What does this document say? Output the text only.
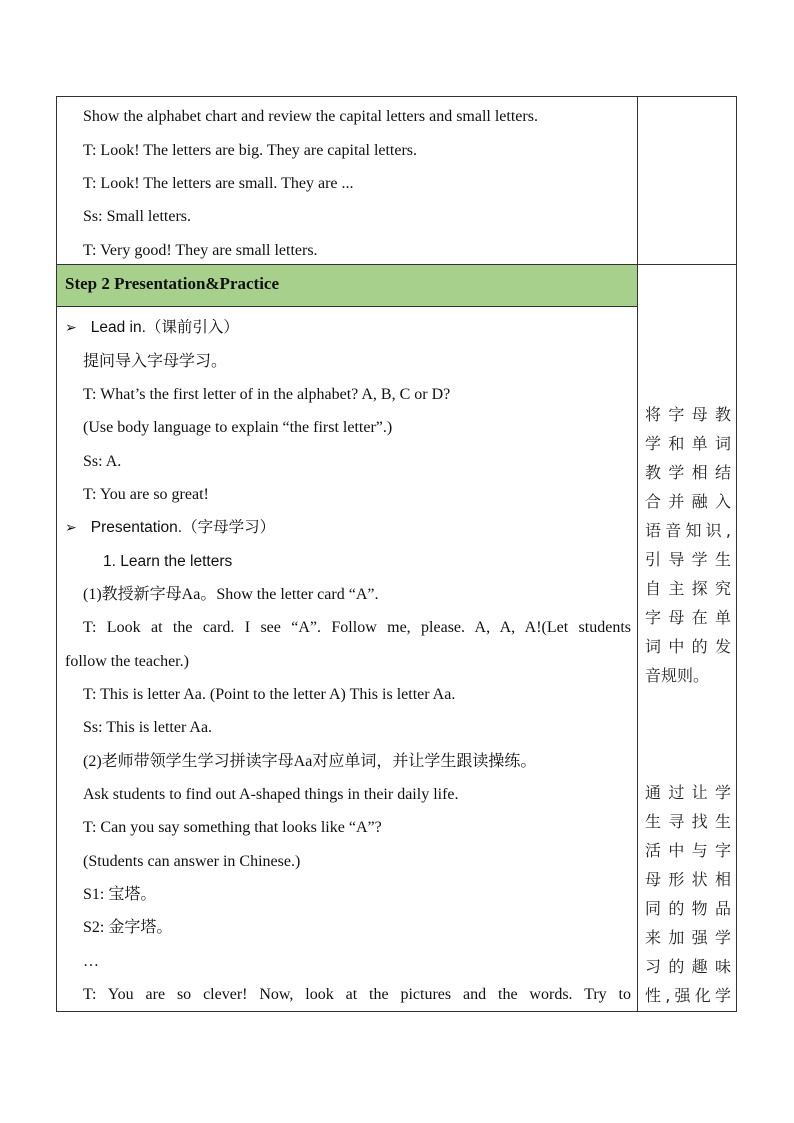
Show the alphabet chart and review the capital letters and small letters.
T: Look! The letters are big. They are capital letters.
T: Look! The letters are small. They are ...
Ss: Small letters.
T: Very good! They are small letters.
Step 2 Presentation&Practice
➢ Lead in.（课前引入）
提问导入字母学习。
T: What’s the first letter of in the alphabet? A, B, C or D?
(Use body language to explain “the first letter”.)
Ss: A.
T: You are so great!
➢ Presentation.（字母学习）
1. Learn the letters
(1)教授新字母Aa。Show the letter card “A”.
T: Look at the card. I see “A”. Follow me, please. A, A, A!(Let students
follow the teacher.)
T: This is letter Aa. (Point to the letter A) This is letter Aa.
Ss: This is letter Aa.
(2)老师带领学生学习拼读字母Aa对应单词，并让学生跟读操练。
Ask students to find out A-shaped things in their daily life.
T: Can you say something that looks like “A”?
(Students can answer in Chinese.)
S1: 宝塔。
S2: 金字塔。
…
T: You are so clever! Now, look at the pictures and the words. Try to
将字母教
学和单词
教学相结
合并融入
语音知识,
引导学生
自主探究
字母在单
词中的发
音规则。
通过让学
生寻找生
活中与字
母形状相
同的物品
来加强学
习的趣味
性,强化学
